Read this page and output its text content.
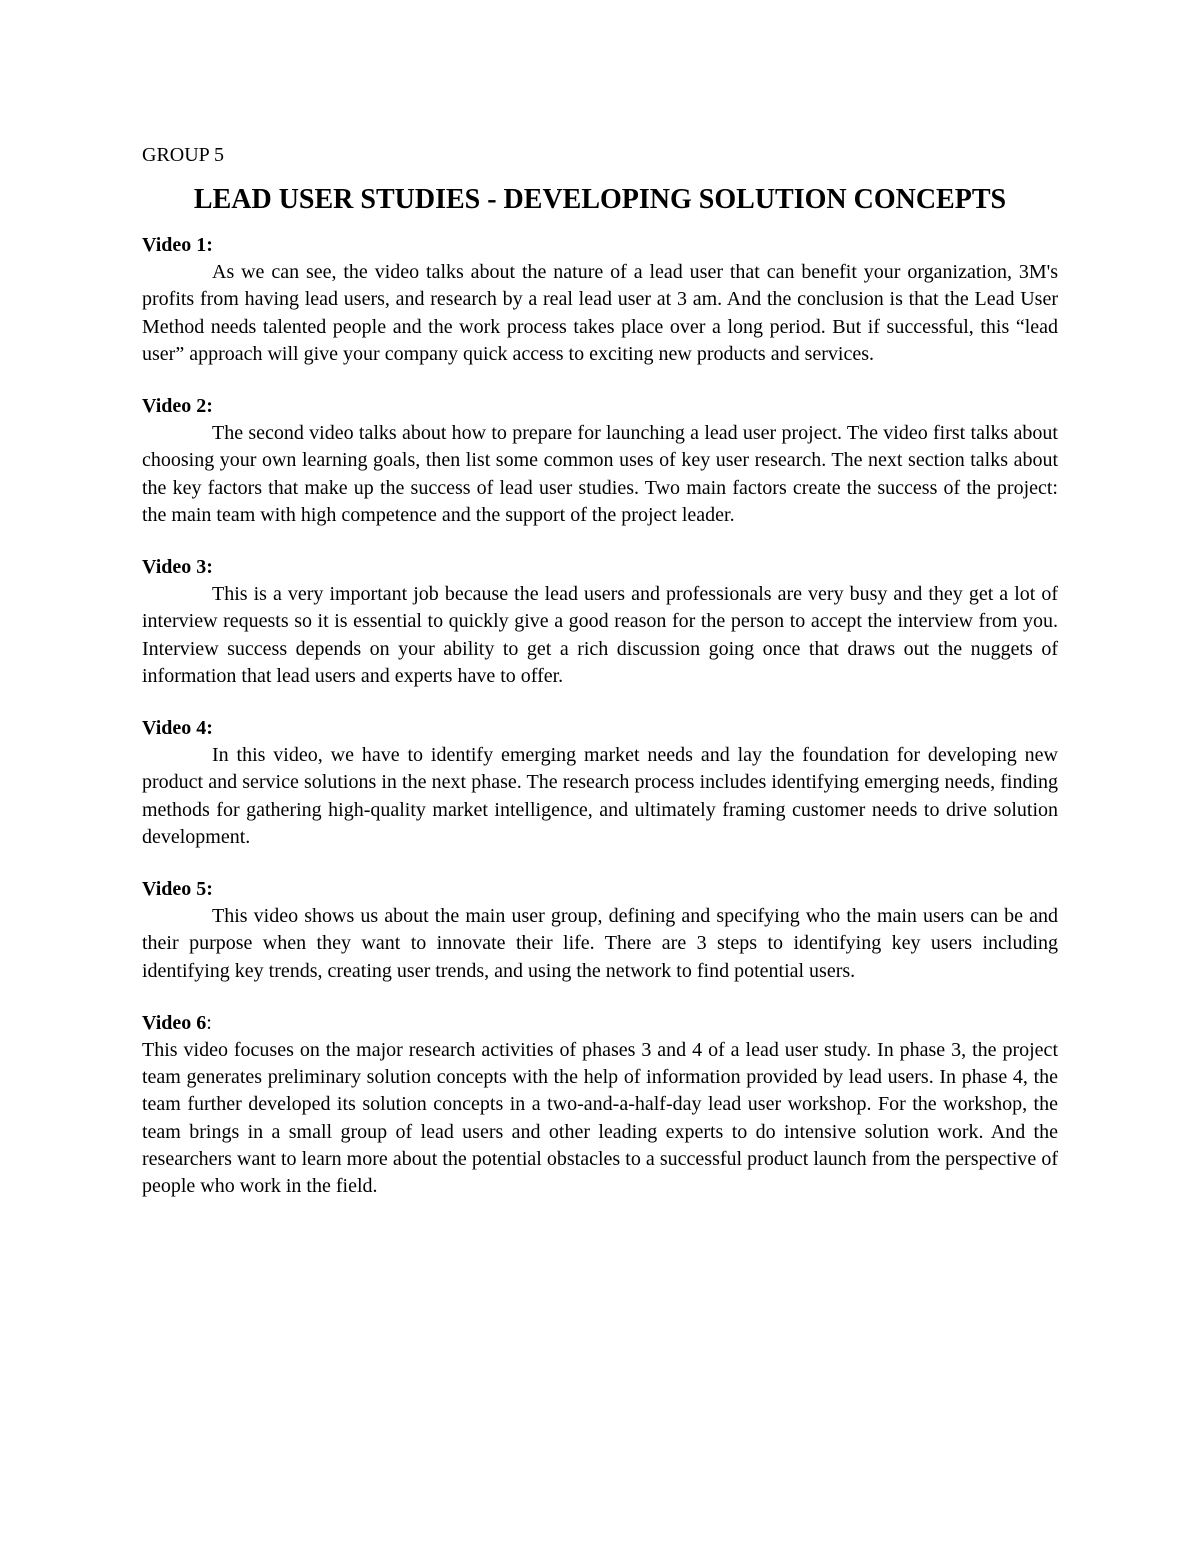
GROUP 5
LEAD USER STUDIES - DEVELOPING SOLUTION CONCEPTS

Video 1:

As we can see, the video talks about the nature of a lead user that can benefit your organization, 3M's profits from having lead users, and research by a real lead user at 3 am. And the conclusion is that the Lead User Method needs talented people and the work process takes place over a long period. But if successful, this “lead user” approach will give your company quick access to exciting new products and services.

Video 2:

The second video talks about how to prepare for launching a lead user project. The video first talks about choosing your own learning goals, then list some common uses of key user research. The next section talks about the key factors that make up the success of lead user studies. Two main factors create the success of the project: the main team with high competence and the support of the project leader.

Video 3:

This is a very important job because the lead users and professionals are very busy and they get a lot of interview requests so it is essential to quickly give a good reason for the person to accept the interview from you. Interview success depends on your ability to get a rich discussion going once that draws out the nuggets of information that lead users and experts have to offer.

Video 4:

In this video, we have to identify emerging market needs and lay the foundation for developing new product and service solutions in the next phase. The research process includes identifying emerging needs, finding methods for gathering high-quality market intelligence, and ultimately framing customer needs to drive solution development.

Video 5:

This video shows us about the main user group, defining and specifying who the main users can be and their purpose when they want to innovate their life. There are 3 steps to identifying key users including identifying key trends, creating user trends, and using the network to find potential users.

Video 6:

This video focuses on the major research activities of phases 3 and 4 of a lead user study. In phase 3, the project team generates preliminary solution concepts with the help of information provided by lead users. In phase 4, the team further developed its solution concepts in a two-and-a-half-day lead user workshop. For the workshop, the team brings in a small group of lead users and other leading experts to do intensive solution work. And the researchers want to learn more about the potential obstacles to a successful product launch from the perspective of people who work in the field.
